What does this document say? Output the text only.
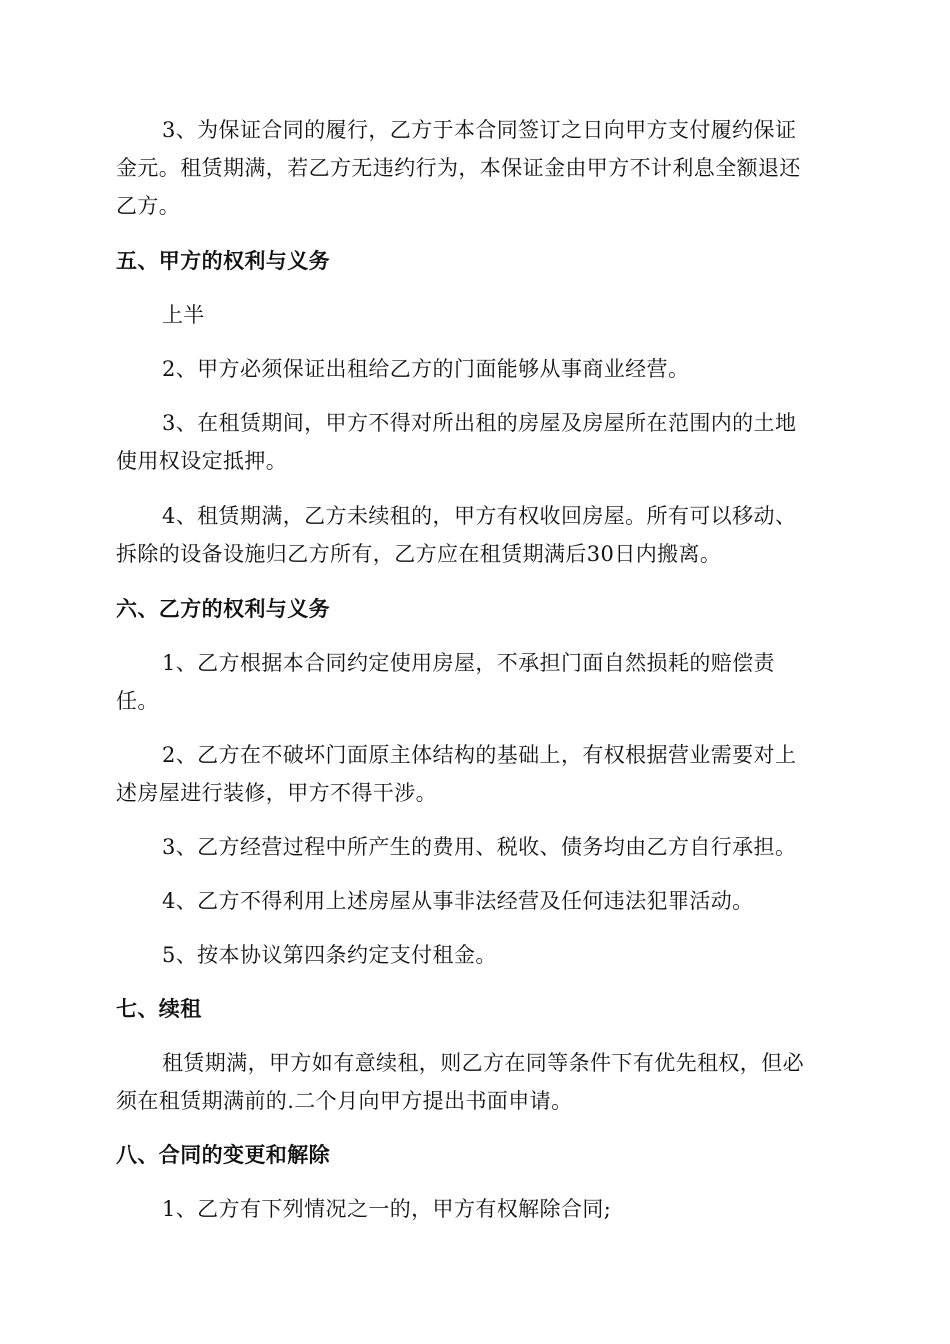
3、为保证合同的履行，乙方于本合同签订之日向甲方支付履约保证
金元。租赁期满，若乙方无违约行为，本保证金由甲方不计利息全额退还
乙方。
五、甲方的权利与义务
上半
2、甲方必须保证出租给乙方的门面能够从事商业经营。
3、在租赁期间，甲方不得对所出租的房屋及房屋所在范围内的土地
使用权设定抵押。
4、租赁期满，乙方未续租的，甲方有权收回房屋。所有可以移动、
拆除的设备设施归乙方所有，乙方应在租赁期满后30日内搬离。
六、乙方的权利与义务
1、乙方根据本合同约定使用房屋，不承担门面自然损耗的赔偿责
任。
2、乙方在不破坏门面原主体结构的基础上，有权根据营业需要对上
述房屋进行装修，甲方不得干涉。
3、乙方经营过程中所产生的费用、税收、债务均由乙方自行承担。
4、乙方不得利用上述房屋从事非法经营及任何违法犯罪活动。
5、按本协议第四条约定支付租金。
七、续租
租赁期满，甲方如有意续租，则乙方在同等条件下有优先租权，但必
须在租赁期满前的.二个月向甲方提出书面申请。
八、合同的变更和解除
1、乙方有下列情况之一的，甲方有权解除合同;
